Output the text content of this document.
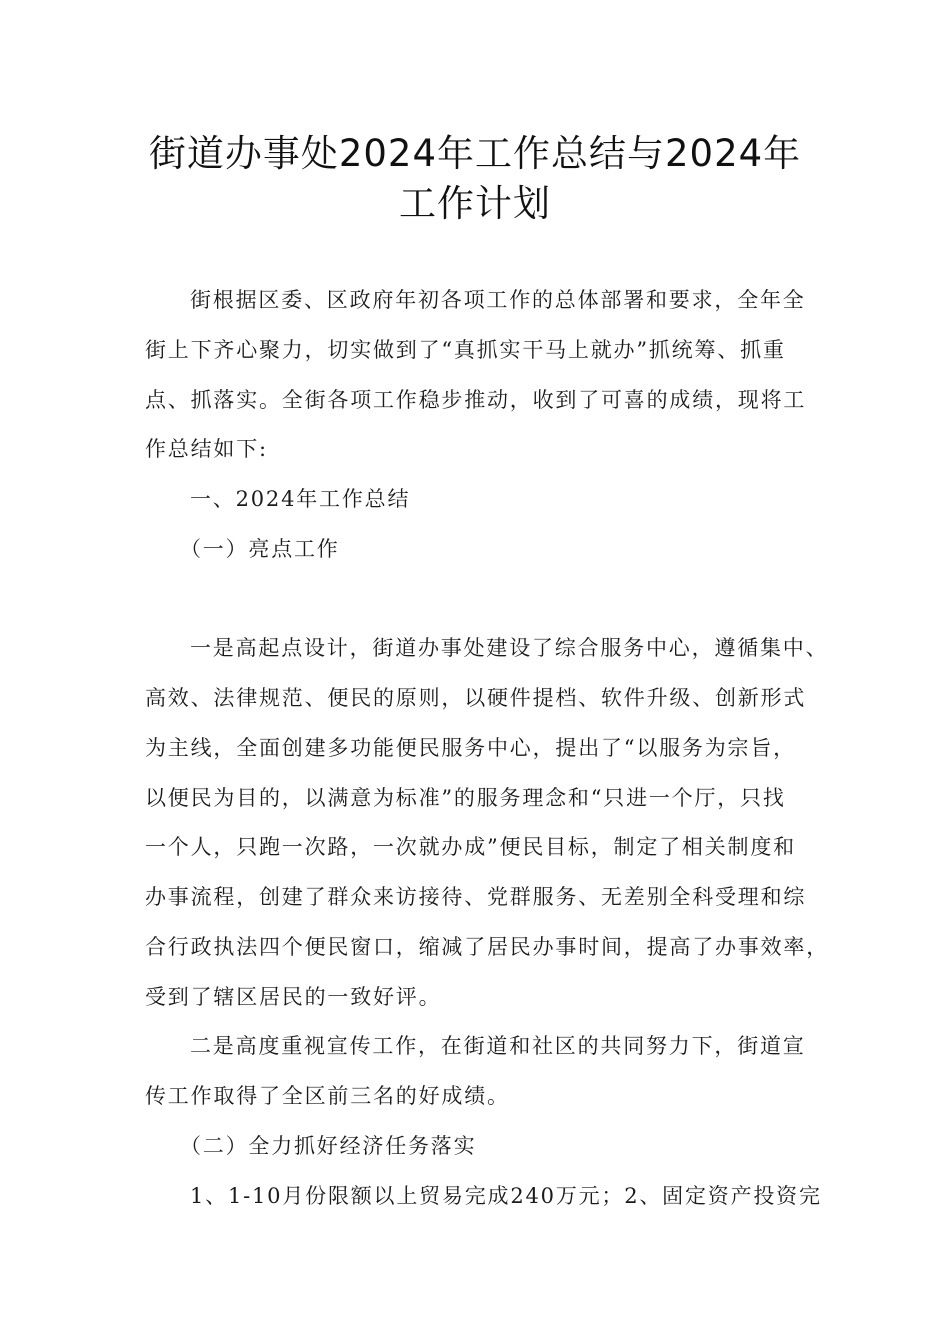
街道办事处2024年工作总结与2024年
工作计划
街根据区委、区政府年初各项工作的总体部署和要求，全年全
街上下齐心聚力，切实做到了“真抓实干马上就办”抓统筹、抓重
点、抓落实。全街各项工作稳步推动，收到了可喜的成绩，现将工
作总结如下:
一、2024年工作总结
（一）亮点工作
一是高起点设计，街道办事处建设了综合服务中心，遵循集中、
高效、法律规范、便民的原则，以硬件提档、软件升级、创新形式
为主线，全面创建多功能便民服务中心，提出了“以服务为宗旨，
以便民为目的，以满意为标准”的服务理念和“只进一个厅，只找
一个人，只跑一次路，一次就办成”便民目标，制定了相关制度和
办事流程，创建了群众来访接待、党群服务、无差别全科受理和综
合行政执法四个便民窗口，缩减了居民办事时间，提高了办事效率，
受到了辖区居民的一致好评。
二是高度重视宣传工作，在街道和社区的共同努力下，街道宣
传工作取得了全区前三名的好成绩。
（二）全力抓好经济任务落实
1、1-10月份限额以上贸易完成240万元；2、固定资产投资完
